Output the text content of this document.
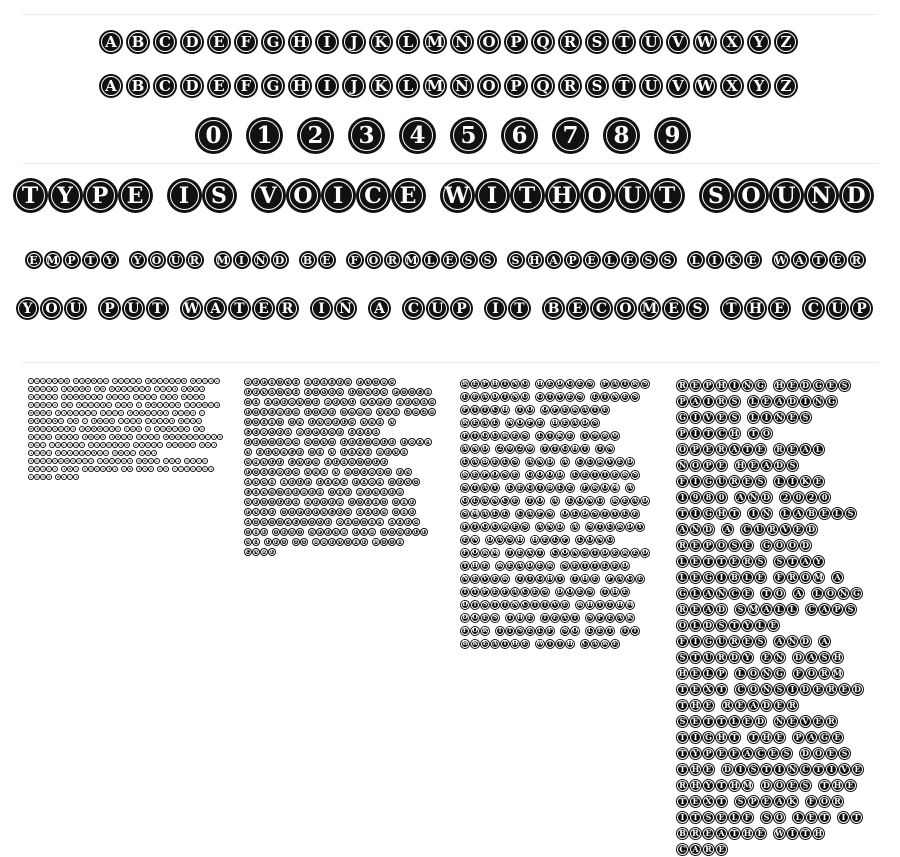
A B C D E F G H I J K L M N O P Q R S T U V W X Y Z
A B C D E F G H I J K L M N O P Q R S T U V W X Y Z
0 1 2 3 4 5 6 7 8 9
T Y P E I S V O I C E W I T H O U T S O U N D
E M P T Y Y O U R M I N D B E F O R M L E S S S H A P E L E S S L I K E W A T E R
Y O U P U T W A T E R I N A C U P I T B E C O M E S T H E C U P
R E P H I N G H E D G E S P A I R S L E A D I N G G I V E S
L I N E S P I T C H T O O P E R A T E R E A L N O P E
H E A D S F I G U R E S L I K E 1 9 8 0 A N D 2 0 2 0
T I G H T I N L A B E L S A N D A C U R V E D R E P O S E
G O O D L E T T E R S S T A Y L E G I B L E F R O M A
G L A N C E T O A L O N G R E A D S M A L L C A P S
O L D S T Y L E F I G U R E S A N D A S T U R D Y E N
D A S H H E L P L O N G F O R M T E X T C O N S I D E R E D
T H E R E A D E R S E T T L E D N E V E R T I G H T T H E
P A G E T Y P E F A C E S D O E S T H E
D I S T I N C T I V E R H Y T H M D O E S T H E T E X T
S P E A K F O R I T S E L F S O L E T I T B R E A T H E
W I T H C A R E
R E P H I N G H E D G E S P A I R S
L E A D I N G G I V E S L I N E S P I T C H
T O O P E R A T E R E A L N O P E H E A D S
F I G U R E S L I K E 1 9 8 0 A N D 2 0 2 0
T I G H T I N L A B E L S A N D A
C U R V E D R E P O S E G O O D
L E T T E R S S T A Y L E G I B L E F R O M
A G L A N C E T O A L O N G R E A D
S M A L L C A P S O L D S T Y L E
F I G U R E S A N D A S T U R D Y E N
D A S H H E L P L O N G F O R M T E X T
C O N S I D E R E D T H E R E A D E R
S E T T L E D N E V E R T I G H T T H E
P A G E T Y P E F A C E S D O E S T H E
D I S T I N C T I V E R H Y T H M D O E S
T H E T E X T S P E A K F O R I T S E L F
S O L E T I T B R E A T H E W I T H
C A R E
R E P H I N G H E D G E S P A I R S
L E A D I N G G I V E S L I N E S
P I T C H T O O P E R A T E
R E A L N O P E H E A D S
F I G U R E S L I K E 1 9 8 0
A N D 2 0 2 0 T I G H T I N
L A B E L S A N D A C U R V E D
R E P O S E G O O D L E T T E R S
S T A Y L E G I B L E F R O M A
G L A N C E T O A L O N G R E A D
S M A L L C A P S O L D S T Y L E
F I G U R E S A N D A S T U R D Y
E N D A S H H E L P L O N G
F O R M T E X T C O N S I D E R E D
T H E R E A D E R S E T T L E D
N E V E R T I G H T T H E P A G E
T Y P E F A C E S D O E S T H E
D I S T I N C T I V E R H Y T H M
D O E S T H E T E X T S P E A K
F O R I T S E L F S O L E T I T
B R E A T H E W I T H C A R E
R E P H I N G H E D G E S
P A I R S L E A D I N G
G I V E S L I N E S
P I T C H T O
O P E R A T E R E A L
N O P E H E A D S
F I G U R E S L I K E
1 9 8 0 A N D 2 0 2 0
T I G H T I N L A B E L S
A N D A C U R V E D
R E P O S E G O O D
L E T T E R S S T A Y
L E G I B L E F R O M A
G L A N C E T O A L O N G
R E A D S M A L L C A P S
O L D S T Y L E
F I G U R E S A N D A
S T U R D Y E N D A S H
H E L P L O N G F O R M
T E X T C O N S I D E R E D
T H E R E A D E R
S E T T L E D N E V E R
T I G H T T H E P A G E
T Y P E F A C E S D O E S
T H E D I S T I N C T I V E
R H Y T H M D O E S T H E
T E X T S P E A K F O R
I T S E L F S O L E T I T
B R E A T H E W I T H
C A R E
